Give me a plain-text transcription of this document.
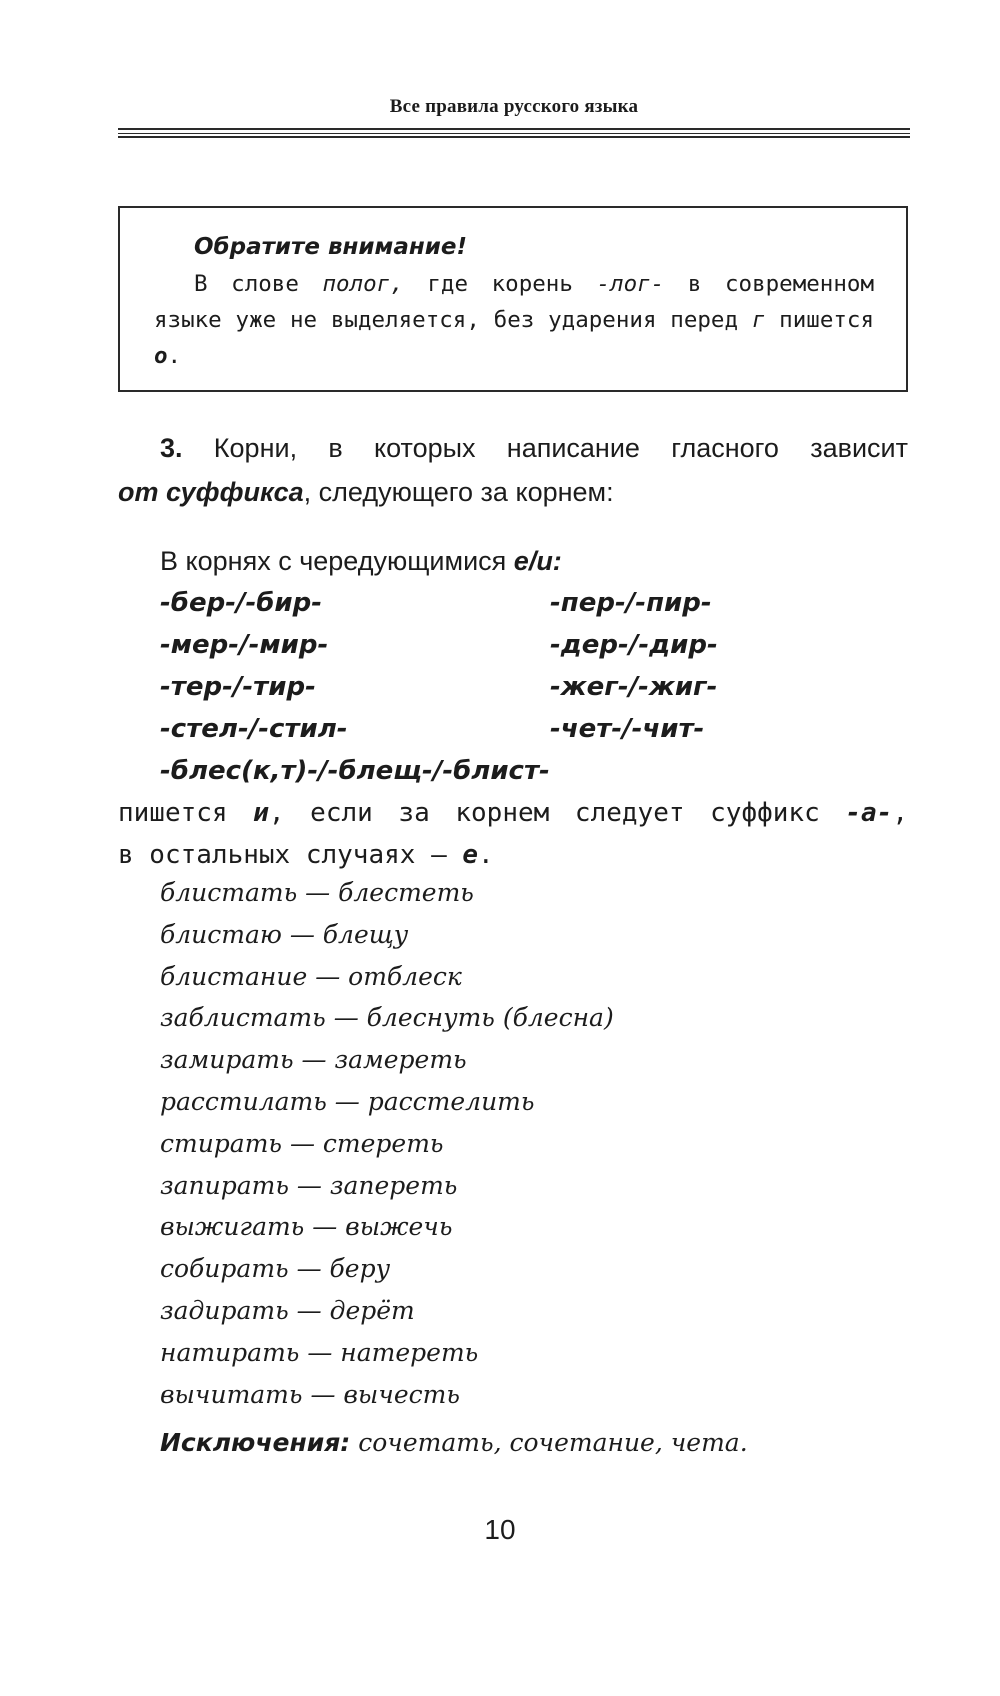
Все правила русского языка
Обратите внимание!
В слове полог, где корень -лог- в современном языке уже не выделяется, без ударения перед г пишется о.
3. Корни, в которых написание гласного зависит
от суффикса, следующего за корнем:
В корнях с чередующимися е/и:
-бер-/-бир-	-пер-/-пир-
-мер-/-мир-	-дер-/-дир-
-тер-/-тир-	-жег-/-жиг-
-стел-/-стил-	-чет-/-чит-
-блес(к,т)-/-блещ-/-блист-
пишется и, если за корнем следует суффикс -а-,
в остальных случаях — е.
блистать — блестеть
блистаю — блещу
блистание — отблеск
заблистать — блеснуть (блесна)
замирать — замереть
расстилать — расстелить
стирать — стереть
запирать — запереть
выжигать — выжечь
собирать — беру
задирать — дерёт
натирать — натереть
вычитать — вычесть
Исключения: сочетать, сочетание, чета.
10
